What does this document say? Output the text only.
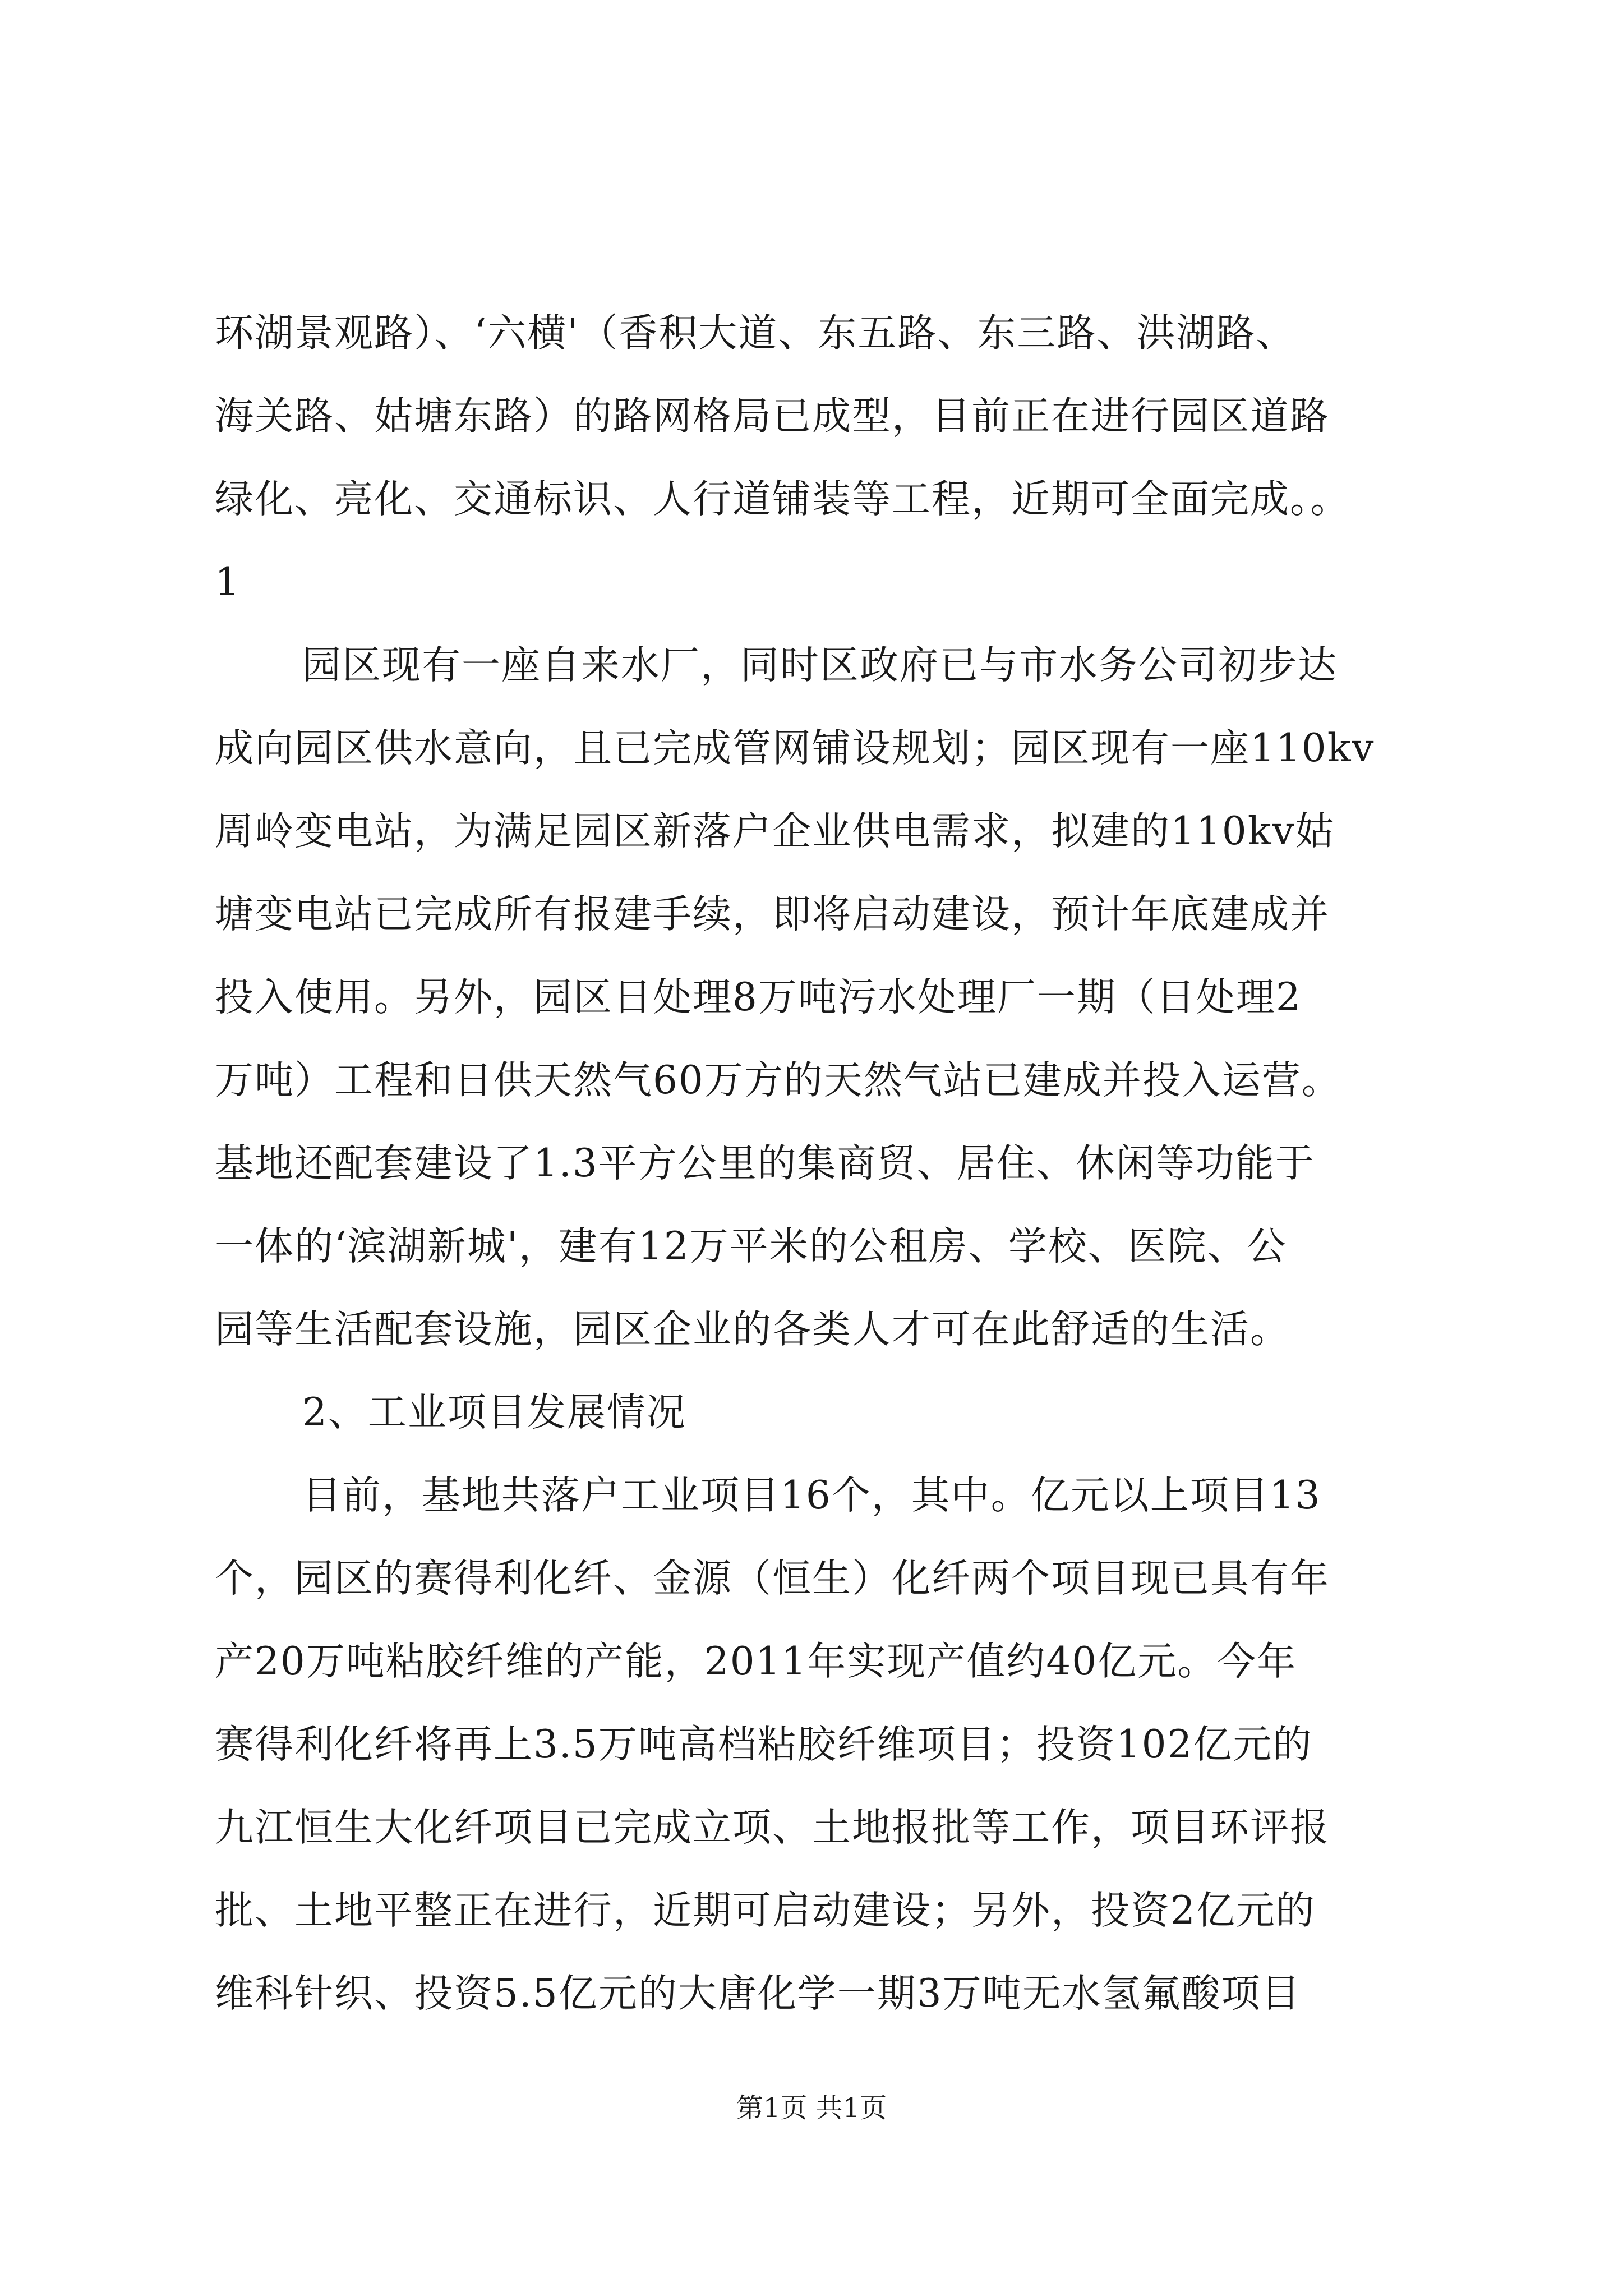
环湖景观路）、‘六横'（香积大道、东五路、东三路、洪湖路、
海关路、姑塘东路）的路网格局已成型，目前正在进行园区道路
绿化、亮化、交通标识、人行道铺装等工程，近期可全面完成。。
1
园区现有一座自来水厂，同时区政府已与市水务公司初步达
成向园区供水意向，且已完成管网铺设规划；园区现有一座110kv
周岭变电站，为满足园区新落户企业供电需求，拟建的110kv姑
塘变电站已完成所有报建手续，即将启动建设，预计年底建成并
投入使用。另外，园区日处理8万吨污水处理厂一期（日处理2
万吨）工程和日供天然气60万方的天然气站已建成并投入运营。
基地还配套建设了1.3平方公里的集商贸、居住、休闲等功能于
一体的‘滨湖新城'，建有12万平米的公租房、学校、医院、公
园等生活配套设施，园区企业的各类人才可在此舒适的生活。
2、工业项目发展情况
目前，基地共落户工业项目16个，其中。亿元以上项目13
个，园区的赛得利化纤、金源（恒生）化纤两个项目现已具有年
产20万吨粘胶纤维的产能，2011年实现产值约40亿元。今年
赛得利化纤将再上3.5万吨高档粘胶纤维项目；投资102亿元的
九江恒生大化纤项目已完成立项、土地报批等工作，项目环评报
批、土地平整正在进行，近期可启动建设；另外，投资2亿元的
维科针织、投资5.5亿元的大唐化学一期3万吨无水氢氟酸项目
第1页 共1页
